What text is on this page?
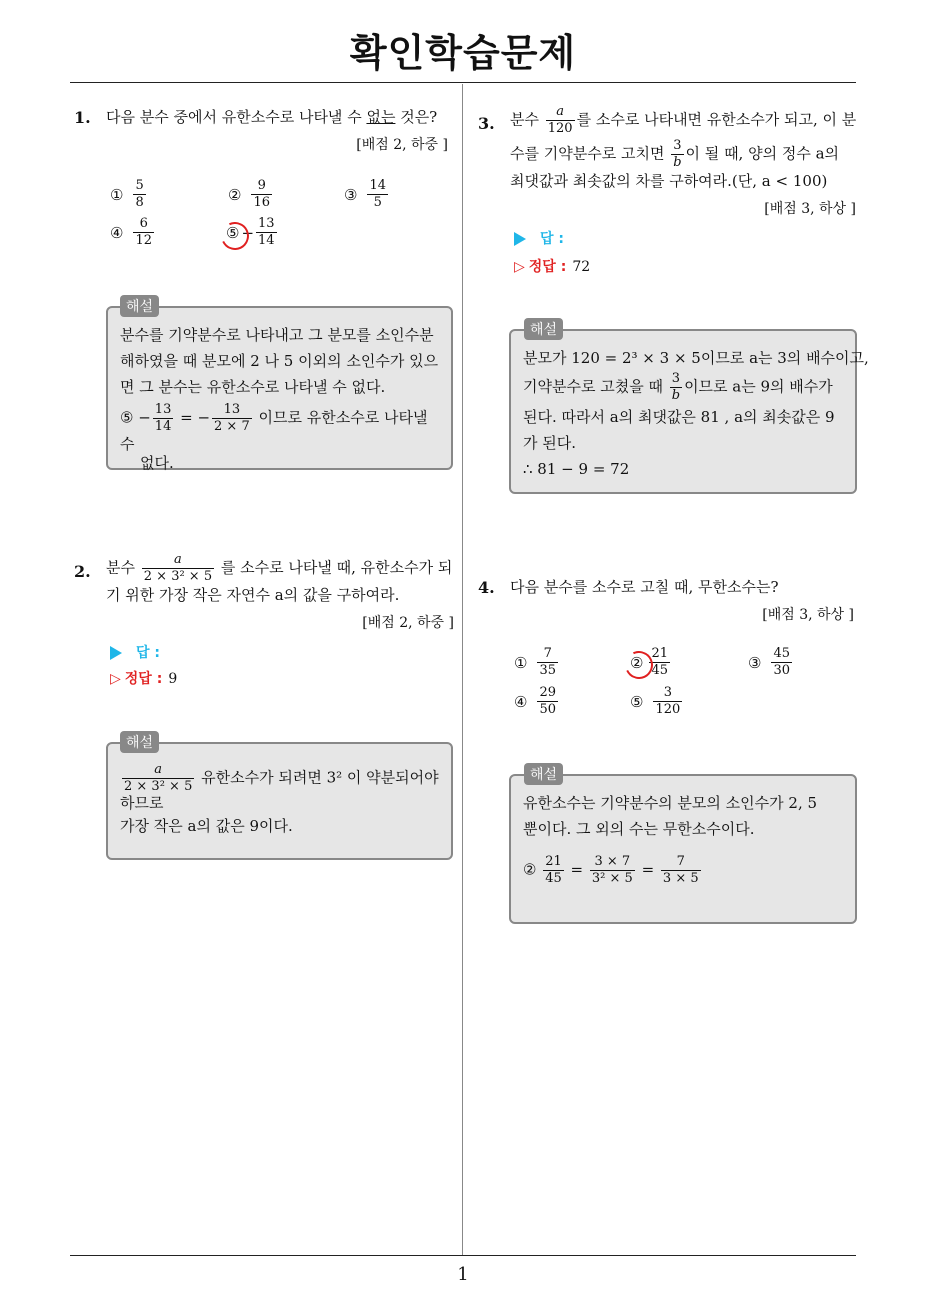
확인학습문제
1
1. 다음 분수 중에서 유한소수로 나타낼 수 없는 것은?
[배점 2, 하중 ]
① $\frac{5}{8}$	② $\frac{9}{16}$	③ $\frac{14}{5}$
④ $\frac{6}{12}$	⑤ − $\frac{13}{14}$
분수를 기약분수로 나타내고 그 분모를 소인수분
해하였을 때 분모에 2 나 5 이외의 소인수가 있으
면 그 분수는 유한소수로 나타낼 수 없다.
⑤ − $\frac{13}{14}$ = − $\frac{13}{2 \times 7}$ 이므로 유한소수로 나타낼 수
없다.
해설
2. 분수 $\frac{a}{\text{2 × 3² × 5}}$ 를 소수로 나타낼 때, 유한소수가 되
기 위한 가장 작은 자연수 a의 값을 구하여라.
[배점 2, 하중 ]
답 :
▷ 정답 : 9
$\frac{a}{\text{2 × 3² × 5}}$ 유한소수가 되려면 3² 이 약분되어야
하므로
가장 작은 a의 값은 9이다.
해설
3. 분수 $\frac{a}{120}$ 를 소수로 나타내면 유한소수가 되고, 이 분
수를 기약분수로 고치면 $\frac{3}{b}$ 이 될 때, 양의 정수 a의
최댓값과 최솟값의 차를 구하여라.(단, a < 100)
[배점 3, 하상 ]
답 :
▷ 정답 : 72
분모가 120 = 2³ × 3 × 5이므로 a는 3의 배수이고,
기약분수로 고쳤을 때 $\frac{3}{b}$ 이므로 a는 9의 배수가
된다. 따라서 a의 최댓값은 81 , a의 최솟값은 9
가 된다.
∴ 81 − 9 = 72
해설
4. 다음 분수를 소수로 고칠 때, 무한소수는?
[배점 3, 하상 ]
① $\frac{7}{35}$	② $\frac{21}{45}$	③ $\frac{45}{30}$
④ $\frac{29}{50}$	⑤ $\frac{3}{120}$
유한소수는 기약분수의 분모의 소인수가 2, 5
뿐이다. 그 외의 수는 무한소수이다.
② $\frac{21}{45} = \frac{3 \times 7}{\text{3² × 5}} = \frac{7}{3 \times 5}$
해설
